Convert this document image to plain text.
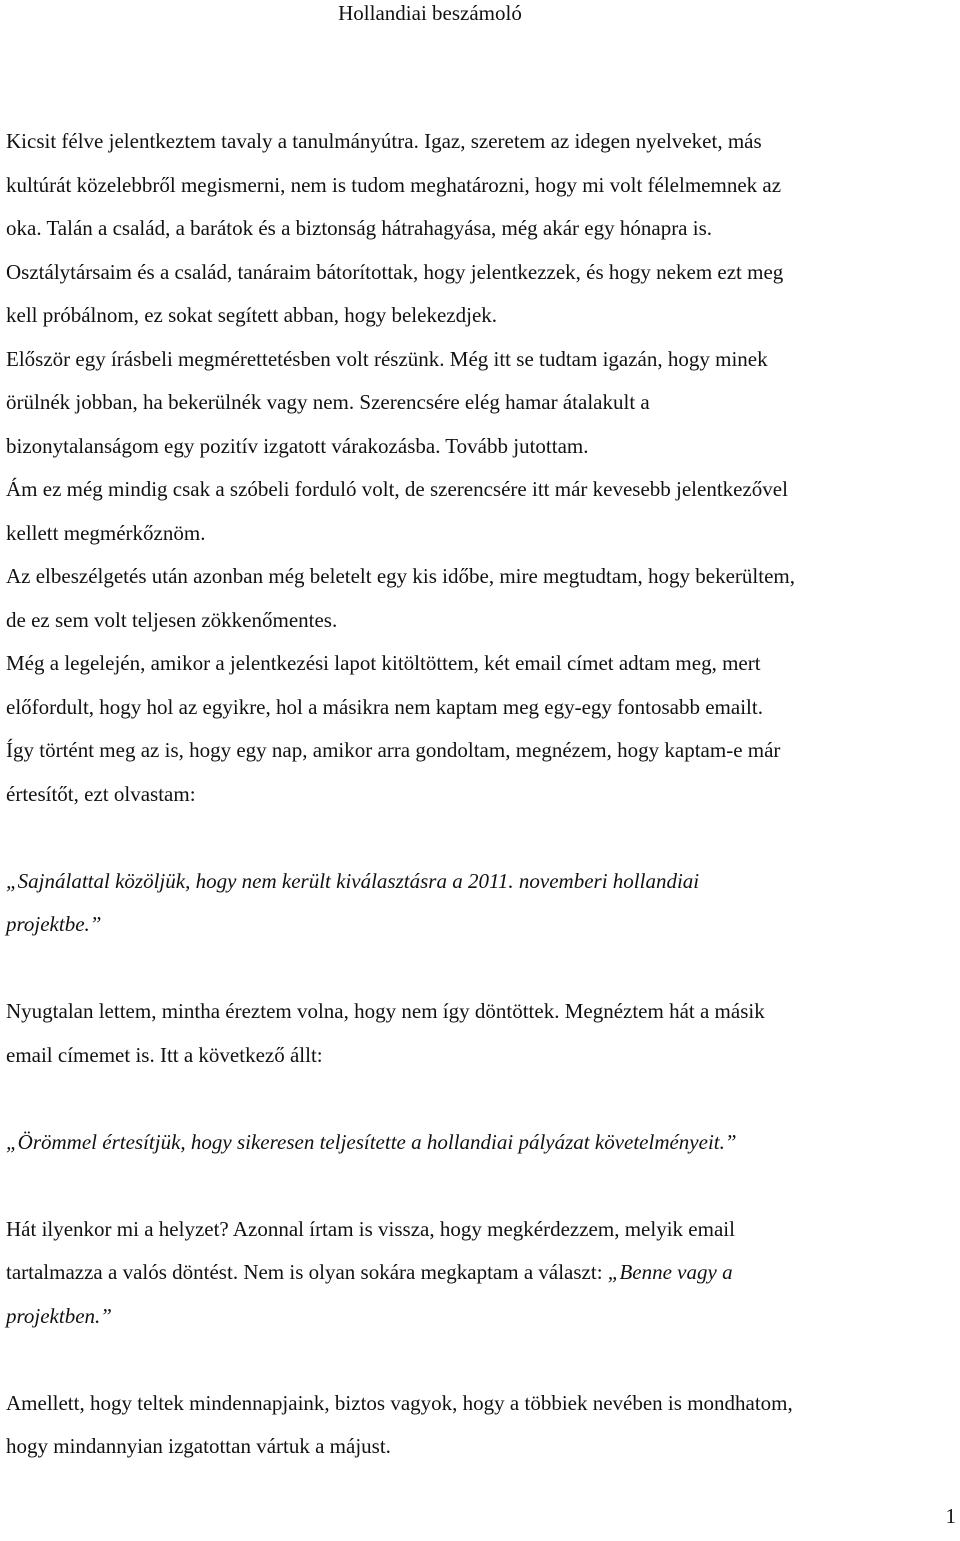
Hollandiai beszámoló
Kicsit félve jelentkeztem tavaly a tanulmányútra. Igaz, szeretem az idegen nyelveket, más
kultúrát közelebbről megismerni, nem is tudom meghatározni, hogy mi volt félelmemnek az
oka. Talán a család, a barátok és a biztonság hátrahagyása, még akár egy hónapra is.
Osztálytársaim és a család, tanáraim bátorítottak, hogy jelentkezzek, és hogy nekem ezt meg
kell próbálnom, ez sokat segített abban, hogy belekezdjek.
Először egy írásbeli megmérettetésben volt részünk. Még itt se tudtam igazán, hogy minek
örülnék jobban, ha bekerülnék vagy nem. Szerencsére elég hamar átalakult a
bizonytalanságom egy pozitív izgatott várakozásba. Tovább jutottam.
Ám ez még mindig csak a szóbeli forduló volt, de szerencsére itt már kevesebb jelentkezővel
kellett megmérkőznöm.
Az elbeszélgetés után azonban még beletelt egy kis időbe, mire megtudtam, hogy bekerültem,
de ez sem volt teljesen zökkenőmentes.
Még a legelején, amikor a jelentkezési lapot kitöltöttem, két email címet adtam meg, mert
előfordult, hogy hol az egyikre, hol a másikra nem kaptam meg egy-egy fontosabb emailt.
Így történt meg az is, hogy egy nap, amikor arra gondoltam, megnézem, hogy kaptam-e már
értesítőt, ezt olvastam:
„Sajnálattal közöljük, hogy nem került kiválasztásra a 2011. novemberi hollandiai
projektbe.”
Nyugtalan lettem, mintha éreztem volna, hogy nem így döntöttek. Megnéztem hát a másik
email címemet is. Itt a következő állt:
„Örömmel értesítjük, hogy sikeresen teljesítette a hollandiai pályázat követelményeit.”
Hát ilyenkor mi a helyzet? Azonnal írtam is vissza, hogy megkérdezzem, melyik email
tartalmazza a valós döntést. Nem is olyan sokára megkaptam a választ: „Benne vagy a
projektben.”
Amellett, hogy teltek mindennapjaink, biztos vagyok, hogy a többiek nevében is mondhatom,
hogy mindannyian izgatottan vártuk a májust.
1
